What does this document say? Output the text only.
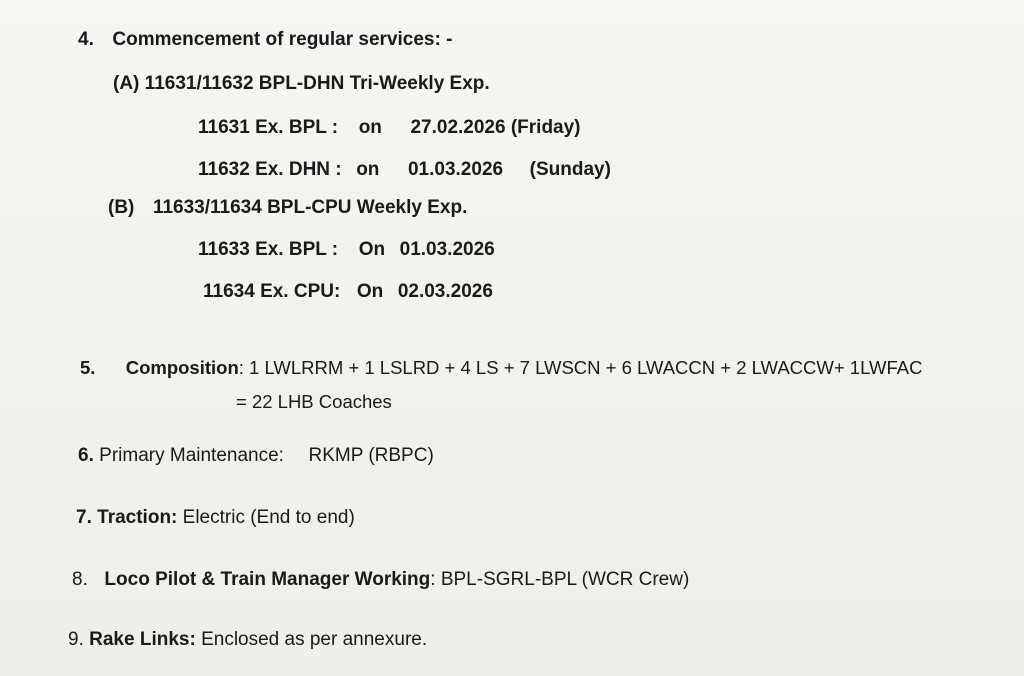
4. Commencement of regular services: -
(A) 11631/11632 BPL-DHN Tri-Weekly Exp.
11631 Ex. BPL : on 27.02.2026 (Friday)
11632 Ex. DHN : on 01.03.2026 (Sunday)
(B) 11633/11634 BPL-CPU Weekly Exp.
11633 Ex. BPL : On 01.03.2026
11634 Ex. CPU: On 02.03.2026
5. Composition: 1 LWLRRM + 1 LSLRD + 4 LS + 7 LWSCN + 6 LWACCN + 2 LWACCW+ 1LWFAC
= 22 LHB Coaches
6. Primary Maintenance: RKMP (RBPC)
7. Traction: Electric (End to end)
8. Loco Pilot & Train Manager Working: BPL-SGRL-BPL (WCR Crew)
9. Rake Links: Enclosed as per annexure.
